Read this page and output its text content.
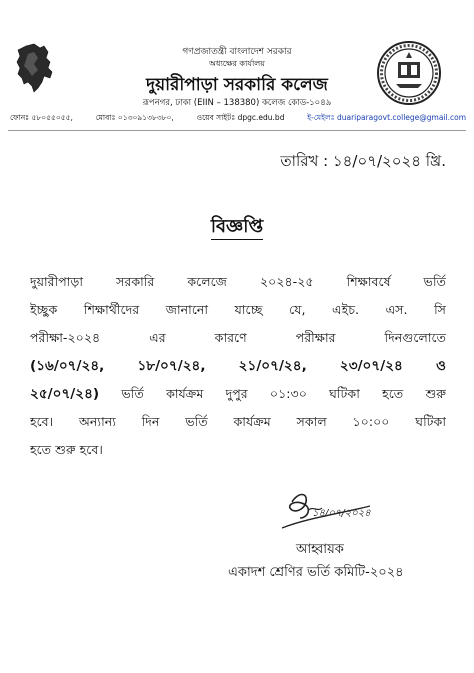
গণপ্রজাতন্ত্রী বাংলাদেশ সরকার
অধ্যক্ষের কার্যালয়
দুয়ারীপাড়া সরকারি কলেজ
রূপনগর, ঢাকা (EIIN – 138380) কলেজ কোড-১০৪৯
ফোনঃ ৫৮০৫৫০৫৫,	মোবাঃ ০১৩০৯১৩৮৩৮০,	ওয়েব সাইটঃ dpgc.edu.bd	ই-মেইলঃ duariparagovt.college@gmail.com
তারিখ : ১৪/০৭/২০২৪ খ্রি.
বিজ্ঞপ্তি
দুয়ারীপাড়া সরকারি কলেজে ২০২৪-২৫ শিক্ষাবর্ষে ভর্তি
ইচ্ছুক শিক্ষার্থীদের জানানো যাচ্ছে যে, এইচ. এস. সি
পরীক্ষা-২০২৪ এর কারণে পরীক্ষার দিনগুলোতে
(১৬/০৭/২৪, ১৮/০৭/২৪, ২১/০৭/২৪, ২৩/০৭/২৪ ও
২৫/০৭/২৪) ভর্তি কার্যক্রম দুপুর ০১:৩০ ঘটিকা হতে শুরু
হবে। অন্যান্য দিন ভর্তি কার্যক্রম সকাল ১০:০০ ঘটিকা
হতে শুরু হবে।
১৪/০৭/২০২৪
আহ্বায়ক
একাদশ শ্রেণির ভর্তি কমিটি-২০২৪
